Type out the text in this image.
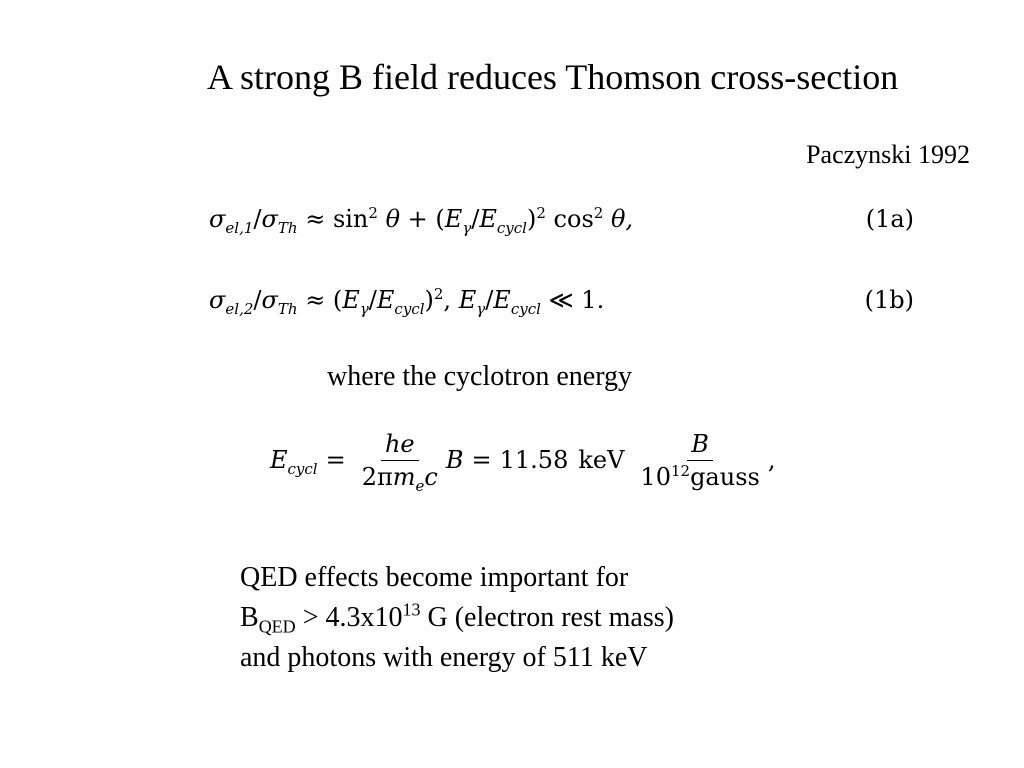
A strong B field reduces Thomson cross-section
Paczynski 1992
$\sigma_{el,1}/\sigma_{Th} \approx \sin^2 \theta + (E_\gamma/E_{cycl})^2$ $\cos^2 \theta$,	(1a)
$\sigma_{el,2}/\sigma_{Th} \approx (E_\gamma/E_{cycl})^2$, $E_\gamma/E_{cycl}$ ≪ 1.	(1b)
where the cyclotron energy
$E_{cycl} = \frac{he}{2\pi m_ec}$ B = 11.58 keV $\frac{B}{10^{12}gauss}$ ,

QED effects become important for

$B_{QED} > 4.3x10^{13}$ G (electron rest mass)

and photons with energy of 511 keV
